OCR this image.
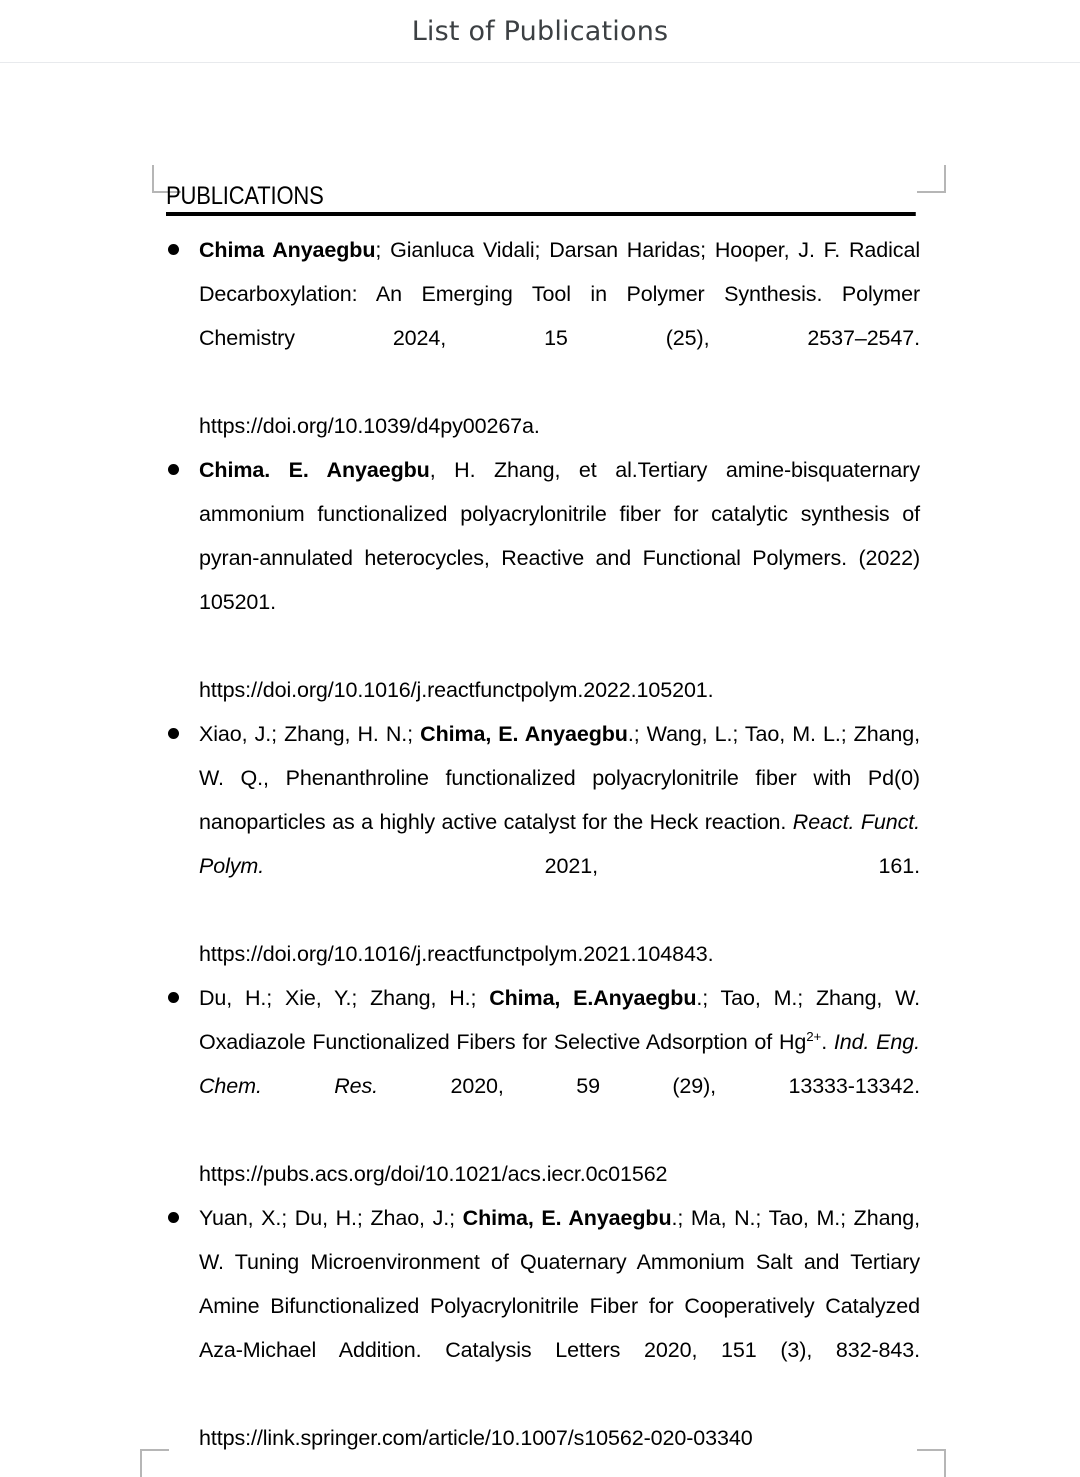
List of Publications
PUBLICATIONS
Chima Anyaegbu; Gianluca Vidali; Darsan Haridas; Hooper, J. F. Radical Decarboxylation: An Emerging Tool in Polymer Synthesis. Polymer Chemistry 2024, 15 (25), 2537–2547.
https://doi.org/10.1039/d4py00267a.
Chima. E. Anyaegbu, H. Zhang, et al.Tertiary amine-bisquaternary ammonium functionalized polyacrylonitrile fiber for catalytic synthesis of pyran-annulated heterocycles, Reactive and Functional Polymers. (2022) 105201.
https://doi.org/10.1016/j.reactfunctpolym.2022.105201.
Xiao, J.; Zhang, H. N.; Chima, E. Anyaegbu.; Wang, L.; Tao, M. L.; Zhang, W. Q., Phenanthroline functionalized polyacrylonitrile fiber with Pd(0) nanoparticles as a highly active catalyst for the Heck reaction. React. Funct. Polym. 2021, 161.
https://doi.org/10.1016/j.reactfunctpolym.2021.104843.
Du, H.; Xie, Y.; Zhang, H.; Chima, E.Anyaegbu.; Tao, M.; Zhang, W. Oxadiazole Functionalized Fibers for Selective Adsorption of $Hg^{2+}$. Ind. Eng. Chem. Res. 2020, 59 (29), 13333-13342.
https://pubs.acs.org/doi/10.1021/acs.iecr.0c01562
Yuan, X.; Du, H.; Zhao, J.; Chima, E. Anyaegbu.; Ma, N.; Tao, M.; Zhang, W. Tuning Microenvironment of Quaternary Ammonium Salt and Tertiary Amine Bifunctionalized Polyacrylonitrile Fiber for Cooperatively Catalyzed Aza-Michael Addition. Catalysis Letters 2020, 151 (3), 832-843.
https://link.springer.com/article/10.1007/s10562-020-03340
